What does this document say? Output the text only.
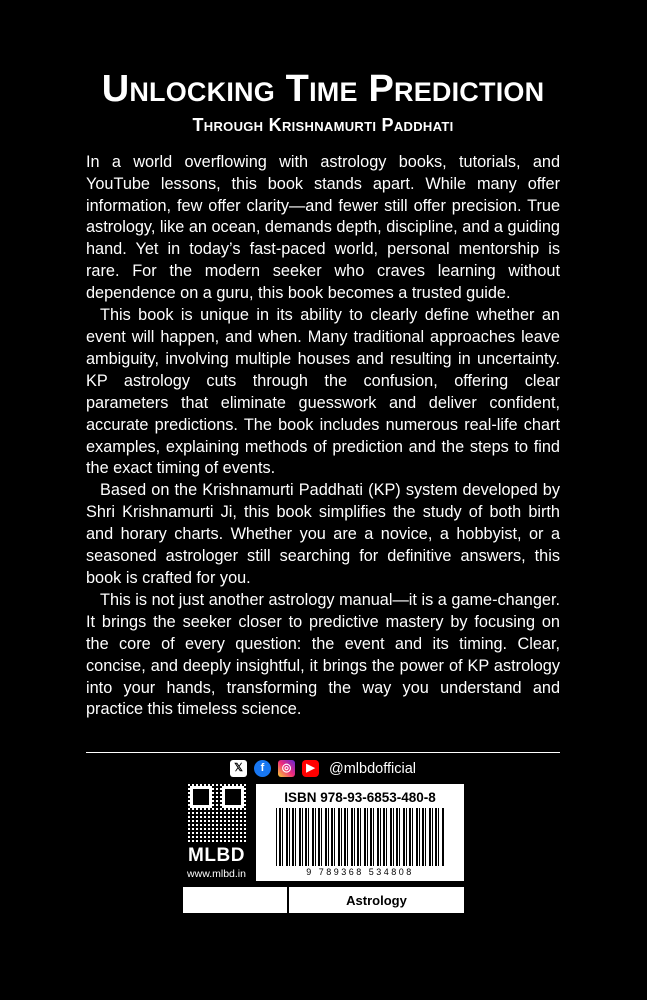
Unlocking Time Prediction
Through Krishnamurti Paddhati

In a world overflowing with astrology books, tutorials, and YouTube lessons, this book stands apart. While many offer information, few offer clarity—and fewer still offer precision. True astrology, like an ocean, demands depth, discipline, and a guiding hand. Yet in today’s fast-paced world, personal mentorship is rare. For the modern seeker who craves learning without dependence on a guru, this book becomes a trusted guide.

This book is unique in its ability to clearly define whether an event will happen, and when. Many traditional approaches leave ambiguity, involving multiple houses and resulting in uncertainty. KP astrology cuts through the confusion, offering clear parameters that eliminate guesswork and deliver confident, accurate predictions. The book includes numerous real-life chart examples, explaining methods of prediction and the steps to find the exact timing of events.

Based on the Krishnamurti Paddhati (KP) system developed by Shri Krishnamurti Ji, this book simplifies the study of both birth and horary charts. Whether you are a novice, a hobbyist, or a seasoned astrologer still searching for definitive answers, this book is crafted for you.

This is not just another astrology manual—it is a game-changer. It brings the seeker closer to predictive mastery by focusing on the core of every question: the event and its timing. Clear, concise, and deeply insightful, it brings the power of KP astrology into your hands, transforming the way you understand and practice this timeless science.

𝕏	f	◎	▶ @mlbdofficial
MLBD
www.mlbd.in
ISBN 978-93-6853-480-8
9 789368 534808
Astrology
